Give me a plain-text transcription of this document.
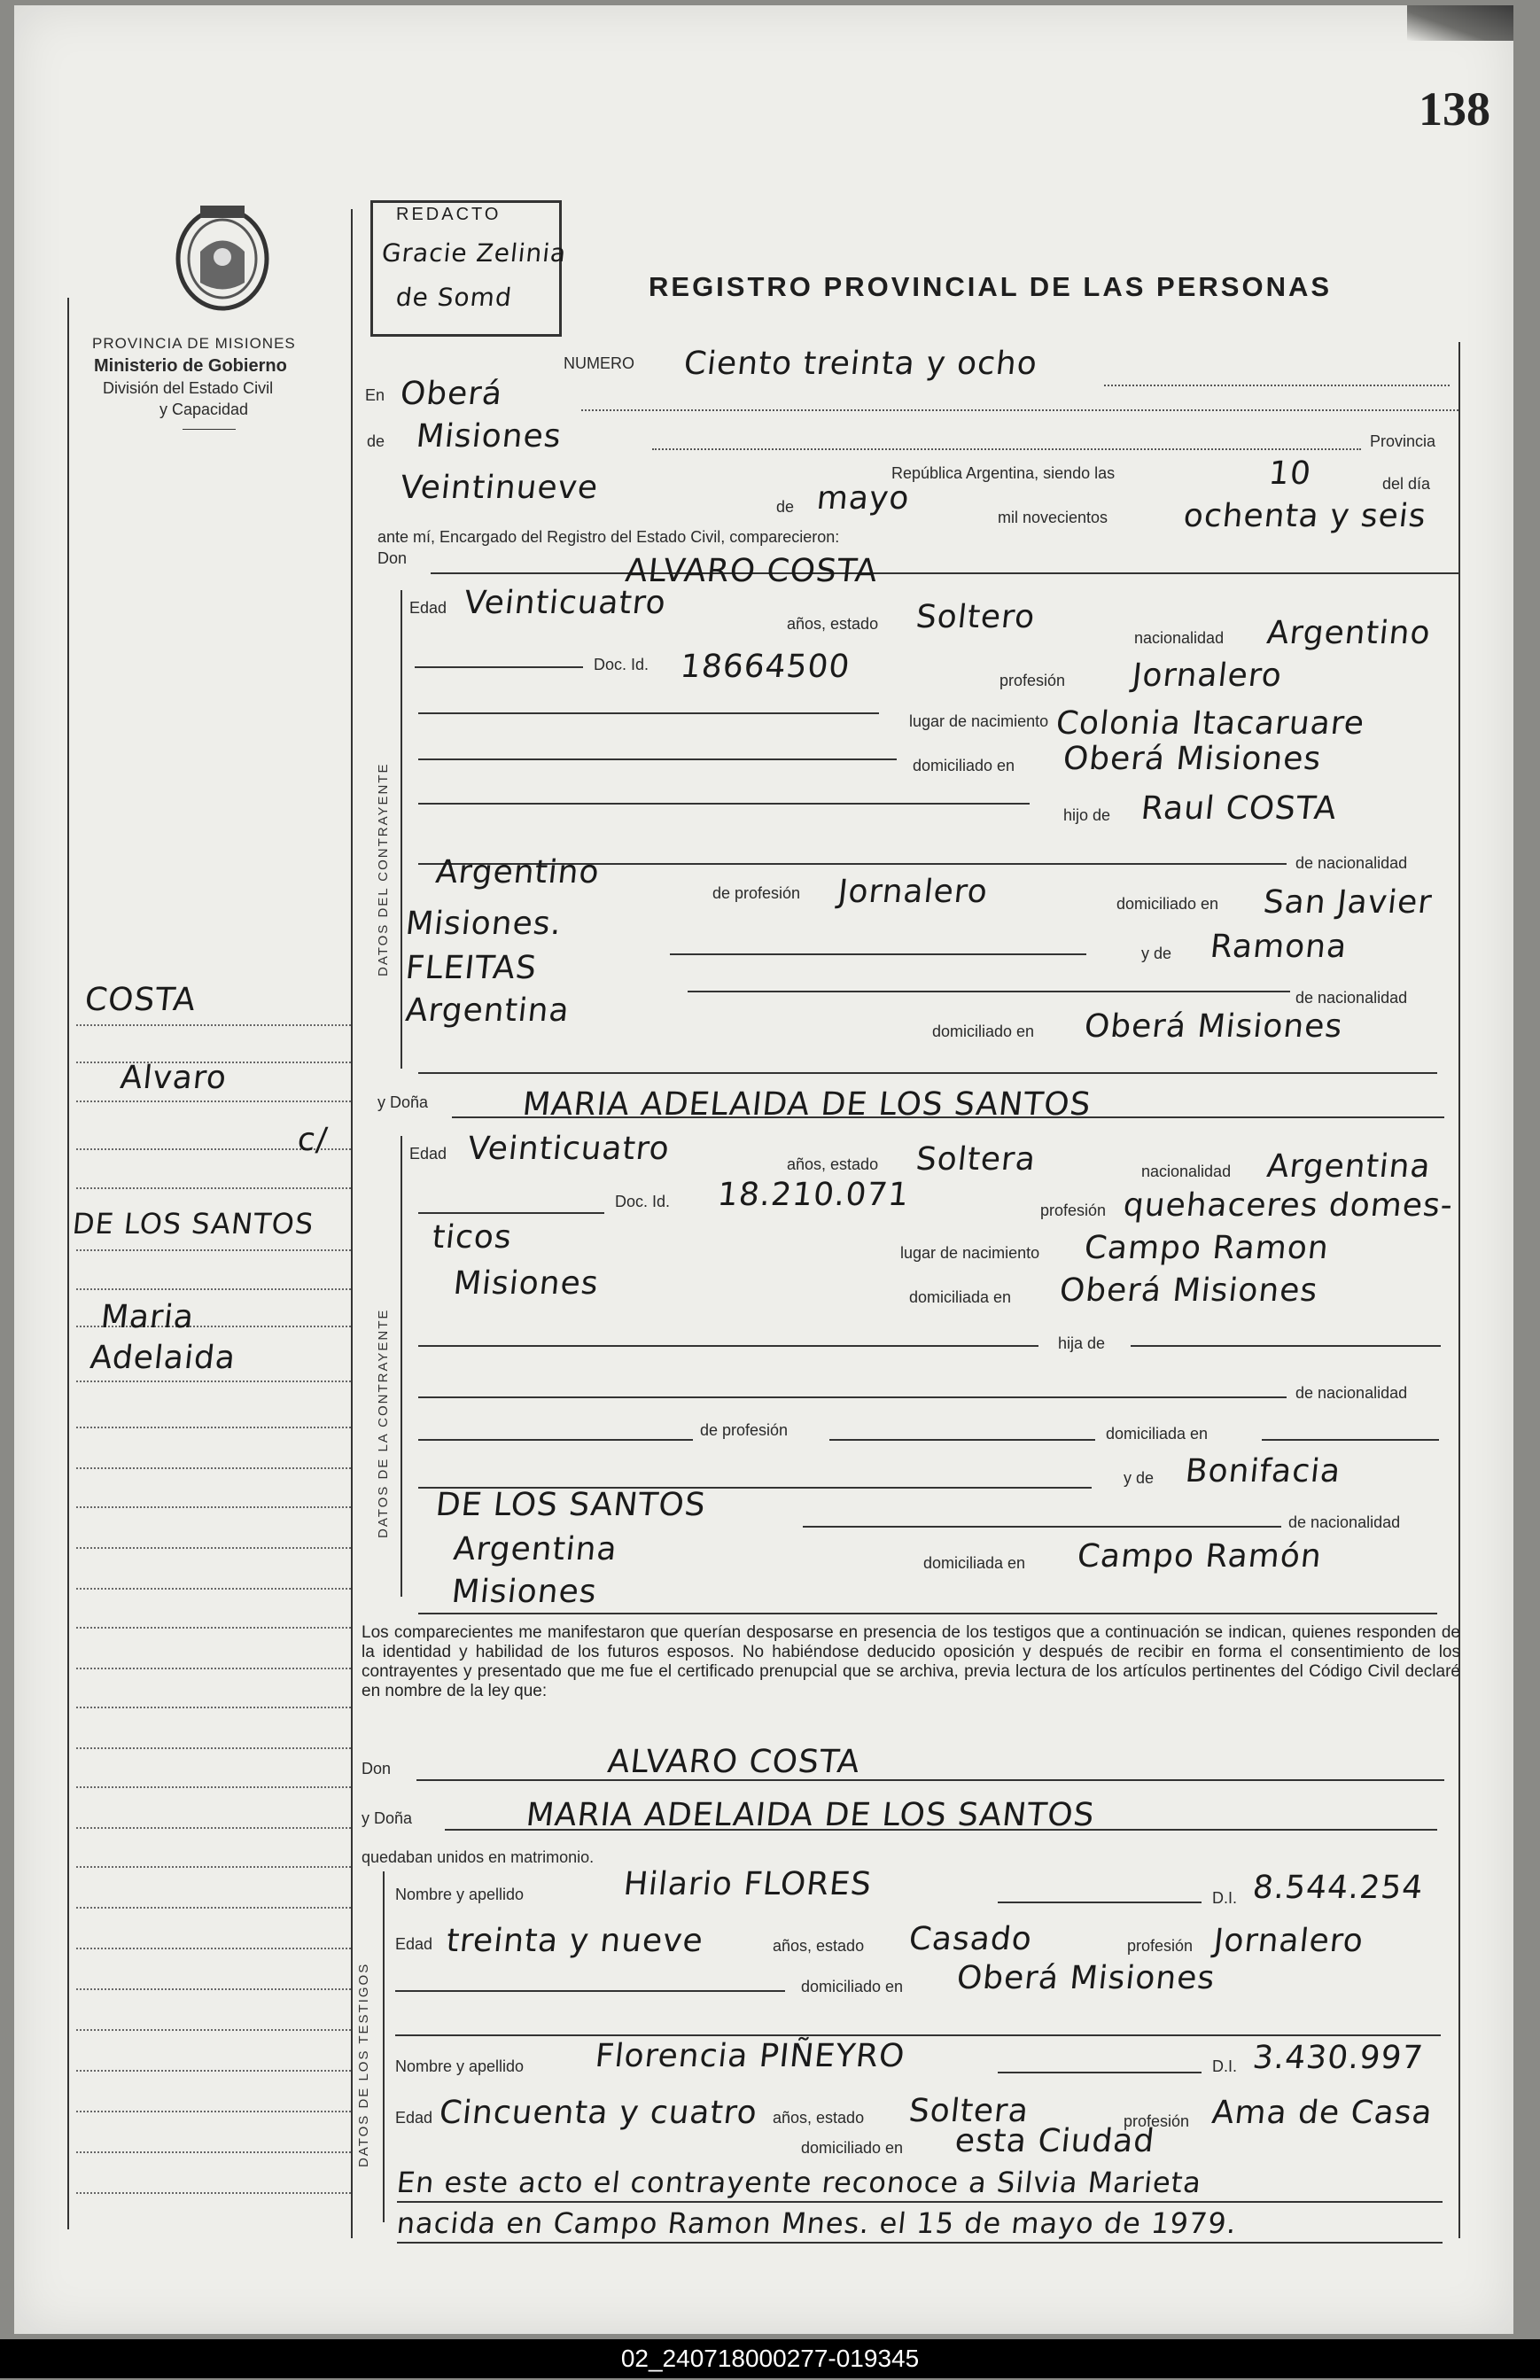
138
PROVINCIA DE MISIONES
Ministerio de Gobierno
División del Estado Civil
y Capacidad
COSTA
Alvaro
c/
DE LOS SANTOS
Maria
Adelaida
REDACTO
Gracie Zelinia
de Somd	REGISTRO PROVINCIAL DE LAS PERSONAS
NUMERO Ciento treinta y ocho
En Oberá
de Misiones	Provincia
República Argentina, siendo las	10	del día
Veintinueve
de mayo
mil novecientos ochenta y seis
ante mí, Encargado del Registro del Estado Civil, comparecieron:
Don	ALVARO COSTA
DATOS DEL CONTRAYENTE
Edad Veinticuatro
años, estado Soltero
nacionalidad Argentino
Doc. Id. 18664500	profesión Jornalero
lugar de nacimiento Colonia Itacaruare
domiciliado en Oberá Misiones
hijo de Raul COSTA
de nacionalidad
Argentino
de profesión Jornalero	domiciliado en San Javier
Misiones.
y de Ramona
FLEITAS
de nacionalidad
Argentina
domiciliado en Oberá Misiones
y Doña	MARIA ADELAIDA DE LOS SANTOS
DATOS DE LA CONTRAYENTE
Edad Veinticuatro	años, estado Soltera	nacionalidad Argentina
Doc. Id. 18.210.071	profesión quehaceres domes-
ticos	lugar de nacimiento Campo Ramon
Misiones	domiciliada en Oberá Misiones
hija de
de nacionalidad
de profesión	domiciliada en
y de Bonifacia
DE LOS SANTOS	de nacionalidad
Argentina	domiciliada en Campo Ramón
Misiones
Los comparecientes me manifestaron que querían desposarse en presencia de los testigos que a continuación se indican, quienes responden de la identidad y habilidad de los futuros esposos. No habiéndose deducido oposición y después de recibir en forma el consentimiento de los contrayentes y presentado que me fue el certificado prenupcial que se archiva, previa lectura de los artículos pertinentes del Código Civil declaré en nombre de la ley que:
Don	ALVARO COSTA
y Doña	MARIA ADELAIDA DE LOS SANTOS
quedaban unidos en matrimonio.
DATOS DE LOS TESTIGOS
Nombre y apellido	Hilario FLORES	D.I. 8.544.254
Edad treinta y nueve	años, estado Casado	profesión Jornalero
domiciliado en Oberá Misiones
Nombre y apellido Florencia PIÑEYRO	D.I. 3.430.997
Edad Cincuenta y cuatro años, estado Soltera	profesión Ama de Casa
domiciliado en esta Ciudad
En este acto el contrayente reconoce a Silvia Marieta
nacida en Campo Ramon Mnes. el 15 de mayo de 1979.
02_240718000277-019345
